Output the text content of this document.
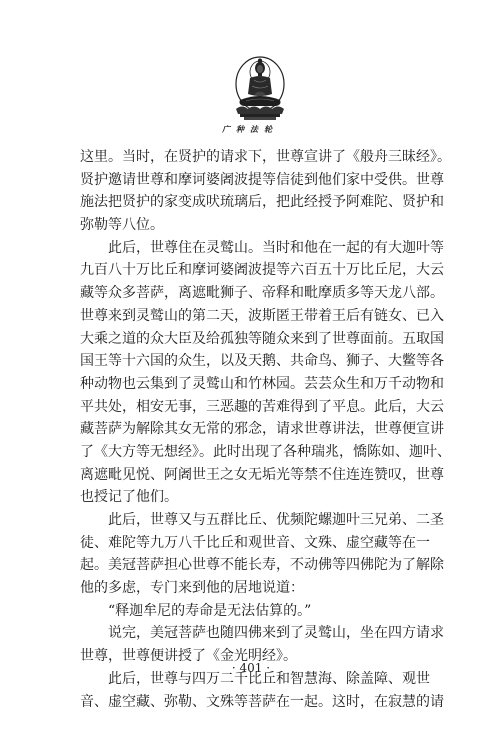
广种法轮
这里。当时，在贤护的请求下，世尊宣讲了《般舟三昧经》。
贤护邀请世尊和摩诃婆阇波提等信徒到他们家中受供。世尊
施法把贤护的家变成吠琉璃后，把此经授予阿难陀、贤护和
弥勒等八位。
此后，世尊住在灵鹫山。当时和他在一起的有大迦叶等
九百八十万比丘和摩诃婆阇波提等六百五十万比丘尼，大云
藏等众多菩萨，离遮毗狮子、帝释和毗摩质多等天龙八部。
世尊来到灵鹫山的第二天，波斯匿王带着王后有链女、已入
大乘之道的众大臣及给孤独等随众来到了世尊面前。五取国
国王等十六国的众生，以及天鹅、共命鸟、狮子、大鳖等各
种动物也云集到了灵鹫山和竹林园。芸芸众生和万千动物和
平共处，相安无事，三恶趣的苦难得到了平息。此后，大云
藏菩萨为解除其女无常的邪念，请求世尊讲法，世尊便宣讲
了《大方等无想经》。此时出现了各种瑞兆，憍陈如、迦叶、
离遮毗见悦、阿阇世王之女无垢光等禁不住连连赞叹，世尊
也授记了他们。
此后，世尊又与五群比丘、优频陀螺迦叶三兄弟、二圣
徒、难陀等九万八千比丘和观世音、文殊、虚空藏等在一
起。美冠菩萨担心世尊不能长寿，不动佛等四佛陀为了解除
他的多虑，专门来到他的居地说道：
“释迦牟尼的寿命是无法估算的。”
说完，美冠菩萨也随四佛来到了灵鹫山，坐在四方请求
世尊，世尊便讲授了《金光明经》。
此后，世尊与四万二千比丘和智慧海、除盖障、观世
音、虚空藏、弥勒、文殊等菩萨在一起。这时，在寂慧的请
· 401 ·
